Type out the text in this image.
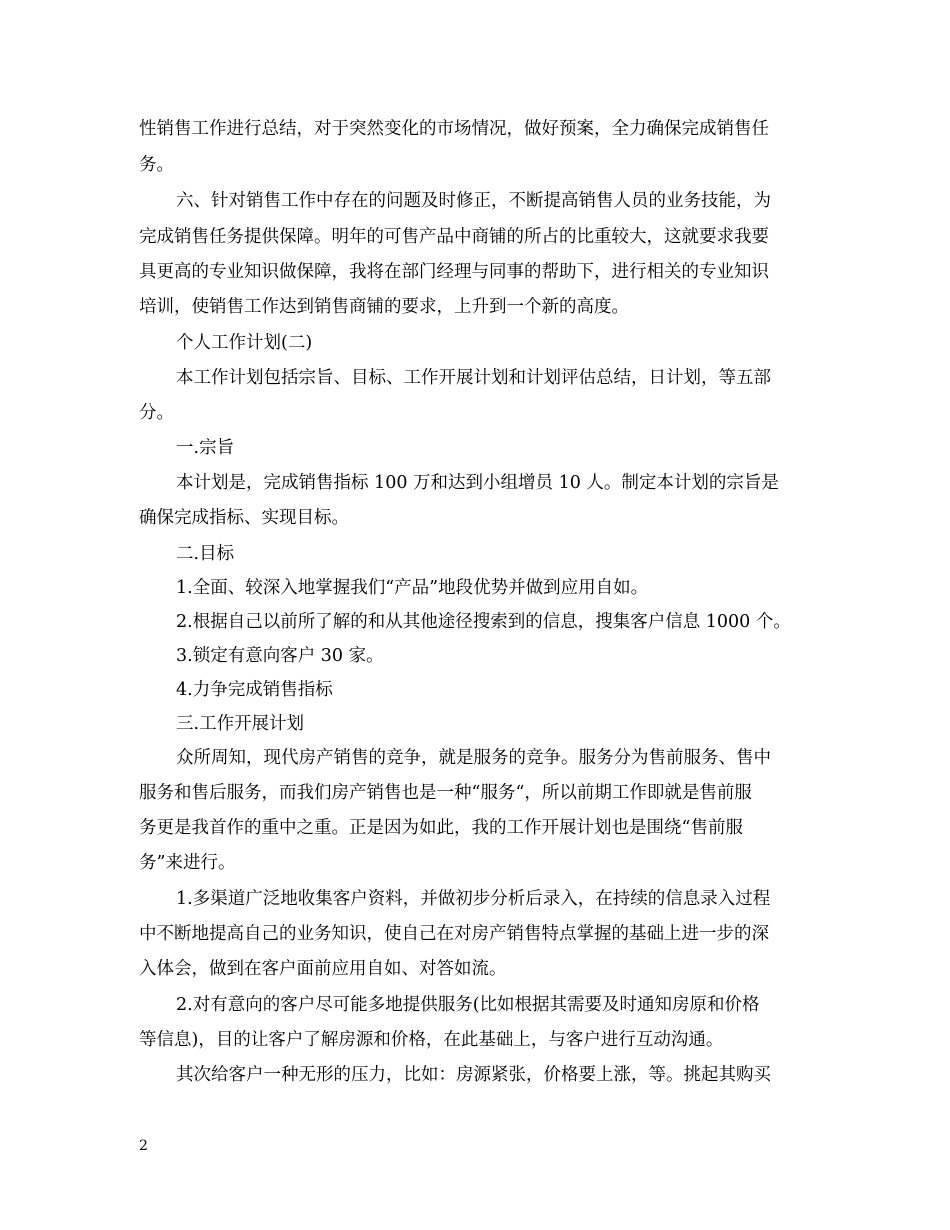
性销售工作进行总结，对于突然变化的市场情况，做好预案，全力确保完成销售任
务。
六、针对销售工作中存在的问题及时修正，不断提高销售人员的业务技能，为
完成销售任务提供保障。明年的可售产品中商铺的所占的比重较大，这就要求我要
具更高的专业知识做保障，我将在部门经理与同事的帮助下，进行相关的专业知识
培训，使销售工作达到销售商铺的要求，上升到一个新的高度。
个人工作计划(二)
本工作计划包括宗旨、目标、工作开展计划和计划评估总结，日计划，等五部
分。
一.宗旨
本计划是，完成销售指标 100 万和达到小组增员 10 人。制定本计划的宗旨是
确保完成指标、实现目标。
二.目标
1.全面、较深入地掌握我们“产品”地段优势并做到应用自如。
2.根据自己以前所了解的和从其他途径搜索到的信息，搜集客户信息 1000 个。
3.锁定有意向客户 30 家。
4.力争完成销售指标
三.工作开展计划
众所周知，现代房产销售的竞争，就是服务的竞争。服务分为售前服务、售中
服务和售后服务，而我们房产销售也是一种“服务“，所以前期工作即就是售前服
务更是我首作的重中之重。正是因为如此，我的工作开展计划也是围绕“售前服
务”来进行。
1.多渠道广泛地收集客户资料，并做初步分析后录入，在持续的信息录入过程
中不断地提高自己的业务知识，使自己在对房产销售特点掌握的基础上进一步的深
入体会，做到在客户面前应用自如、对答如流。
2.对有意向的客户尽可能多地提供服务(比如根据其需要及时通知房原和价格
等信息)，目的让客户了解房源和价格，在此基础上，与客户进行互动沟通。
其次给客户一种无形的压力，比如：房源紧张，价格要上涨，等。挑起其购买
2
